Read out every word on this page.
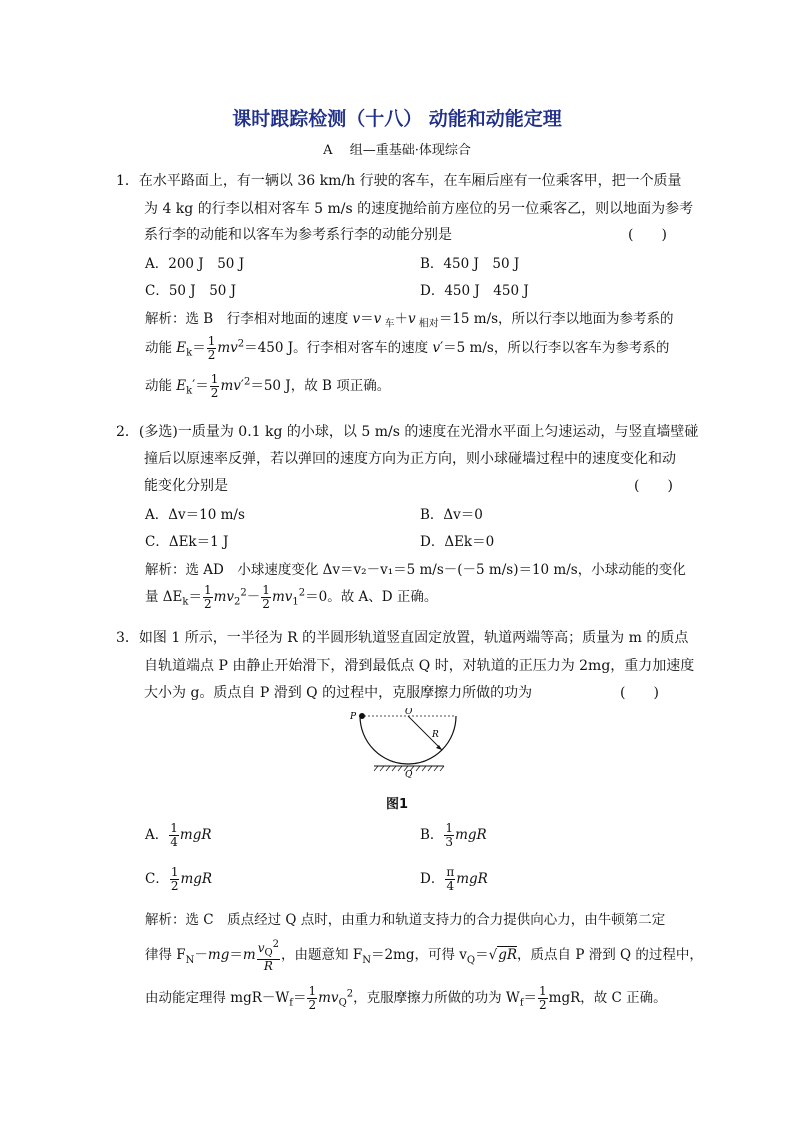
课时跟踪检测（十八） 动能和动能定理
A　 组—重基础·体现综合
1．在水平路面上，有一辆以 36 km/h 行驶的客车，在车厢后座有一位乘客甲，把一个质量
为 4 kg 的行李以相对客车 5 m/s 的速度抛给前方座位的另一位乘客乙，则以地面为参考
系行李的动能和以客车为参考系行李的动能分别是	(　　)
A．200 J　50 J	B．450 J　50 J
C．50 J　50 J	D．450 J　450 J
解析：选 B　行李相对地面的速度 v＝v $_车$＋v $_{相对}$＝15 m/s，所以行李以地面为参考系的
动能 $E_k= \frac{1}{2} mv^2=450$ J。行李相对客车的速度 v′＝5 m/s，所以行李以客车为参考系的
动能 $E_k'= \frac{1}{2} mv'^2=50$ J，故 B 项正确。
2．(多选)一质量为 0.1 kg 的小球，以 5 m/s 的速度在光滑水平面上匀速运动，与竖直墙壁碰
撞后以原速率反弹，若以弹回的速度方向为正方向，则小球碰墙过程中的速度变化和动
能变化分别是	(　　)
A．Δv＝10 m/s	B．Δv＝0
C．ΔEk＝1 J	D．ΔEk＝0
解析：选 AD　小球速度变化 Δv＝v₂－v₁＝5 m/s－(－5 m/s)＝10 m/s，小球动能的变化
量 $\Delta E_k= \frac{1}{2} mv_2^2- \frac{1}{2} mv_1^2=0$。故 A、D 正确。
3．如图 1 所示，一半径为 R 的半圆形轨道竖直固定放置，轨道两端等高；质量为 m 的质点
自轨道端点 P 由静止开始滑下，滑到最低点 Q 时，对轨道的正压力为 2mg，重力加速度
大小为 g。质点自 P 滑到 Q 的过程中，克服摩擦力所做的功为	(　　)
P	O
R
Q
图1
A． $\frac{1}{4}$ mgR	B． $\frac{1}{3}$ mgR
C． $\frac{1}{2}$ mgR	D． $\frac{\pi}{4}$ mgR
解析：选 C　质点经过 Q 点时，由重力和轨道支持力的合力提供向心力，由牛顿第二定
律得 $F_N-mg=m \frac{v_Q^2}{R}$ ，由题意知 $F_N=2mg$，可得 $v_Q=√gR$，质点自 P 滑到 Q 的过程中，
由动能定理得 $mgR-W_f= \frac{1}{2} mv_Q^2$，克服摩擦力所做的功为 $W_f= \frac{1}{2}$ mgR，故 C 正确。
